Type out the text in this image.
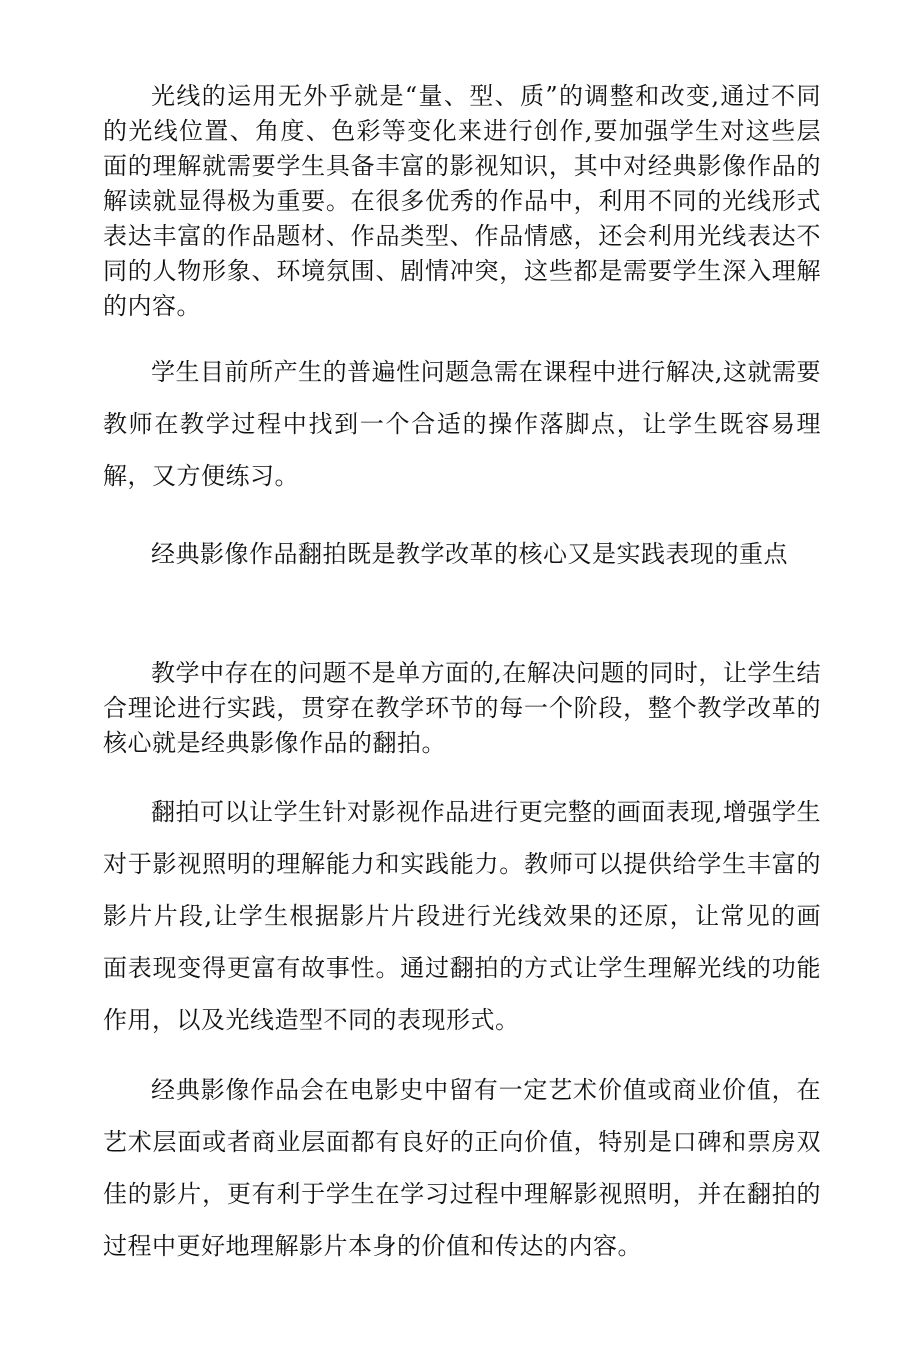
光线的运用无外乎就是“量、型、质”的调整和改变,通过不同的光线位置、角度、色彩等变化来进行创作,要加强学生对这些层面的理解就需要学生具备丰富的影视知识，其中对经典影像作品的解读就显得极为重要。在很多优秀的作品中，利用不同的光线形式表达丰富的作品题材、作品类型、作品情感，还会利用光线表达不同的人物形象、环境氛围、剧情冲突，这些都是需要学生深入理解的内容。

学生目前所产生的普遍性问题急需在课程中进行解决,这就需要教师在教学过程中找到一个合适的操作落脚点，让学生既容易理解，又方便练习。

经典影像作品翻拍既是教学改革的核心又是实践表现的重点

教学中存在的问题不是单方面的,在解决问题的同时，让学生结合理论进行实践，贯穿在教学环节的每一个阶段，整个教学改革的核心就是经典影像作品的翻拍。

翻拍可以让学生针对影视作品进行更完整的画面表现,增强学生对于影视照明的理解能力和实践能力。教师可以提供给学生丰富的影片片段,让学生根据影片片段进行光线效果的还原，让常见的画面表现变得更富有故事性。通过翻拍的方式让学生理解光线的功能作用，以及光线造型不同的表现形式。

经典影像作品会在电影史中留有一定艺术价值或商业价值，在艺术层面或者商业层面都有良好的正向价值，特别是口碑和票房双佳的影片，更有利于学生在学习过程中理解影视照明，并在翻拍的过程中更好地理解影片本身的价值和传达的内容。
